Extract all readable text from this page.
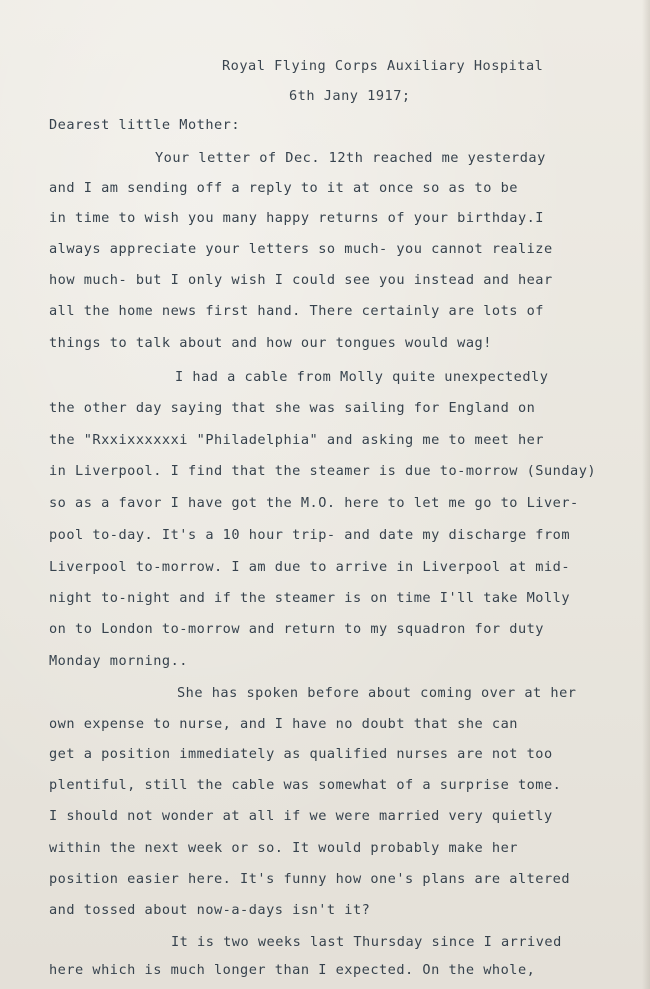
Royal Flying Corps Auxiliary Hospital
6th Jany 1917;
Dearest little Mother:
Your letter of Dec. 12th reached me yesterday
and I am sending off a reply to it at once so as to be
in time to wish you many happy returns of your birthday.I
always appreciate your letters so much- you cannot realize
how much- but I only wish I could see you instead and hear
all the home news first hand. There certainly are lots of
things to talk about and how our tongues would wag!
I had a cable from Molly quite unexpectedly
the other day saying that she was sailing for England on
the "Rxxixxxxxxi "Philadelphia" and asking me to meet her
in Liverpool. I find that the steamer is due to-morrow (Sunday)
so as a favor I have got the M.O. here to let me go to Liver-
pool to-day. It's a 10 hour trip- and date my discharge from
Liverpool to-morrow. I am due to arrive in Liverpool at mid-
night to-night and if the steamer is on time I'll take Molly
on to London to-morrow and return to my squadron for duty
Monday morning..
She has spoken before about coming over at her
own expense to nurse, and I have no doubt that she can
get a position immediately as qualified nurses are not too
plentiful, still the cable was somewhat of a surprise tome.
I should not wonder at all if we were married very quietly
within the next week or so. It would probably make her
position easier here. It's funny how one's plans are altered
and tossed about now-a-days isn't it?
It is two weeks last Thursday since I arrived
here which is much longer than I expected. On the whole,
